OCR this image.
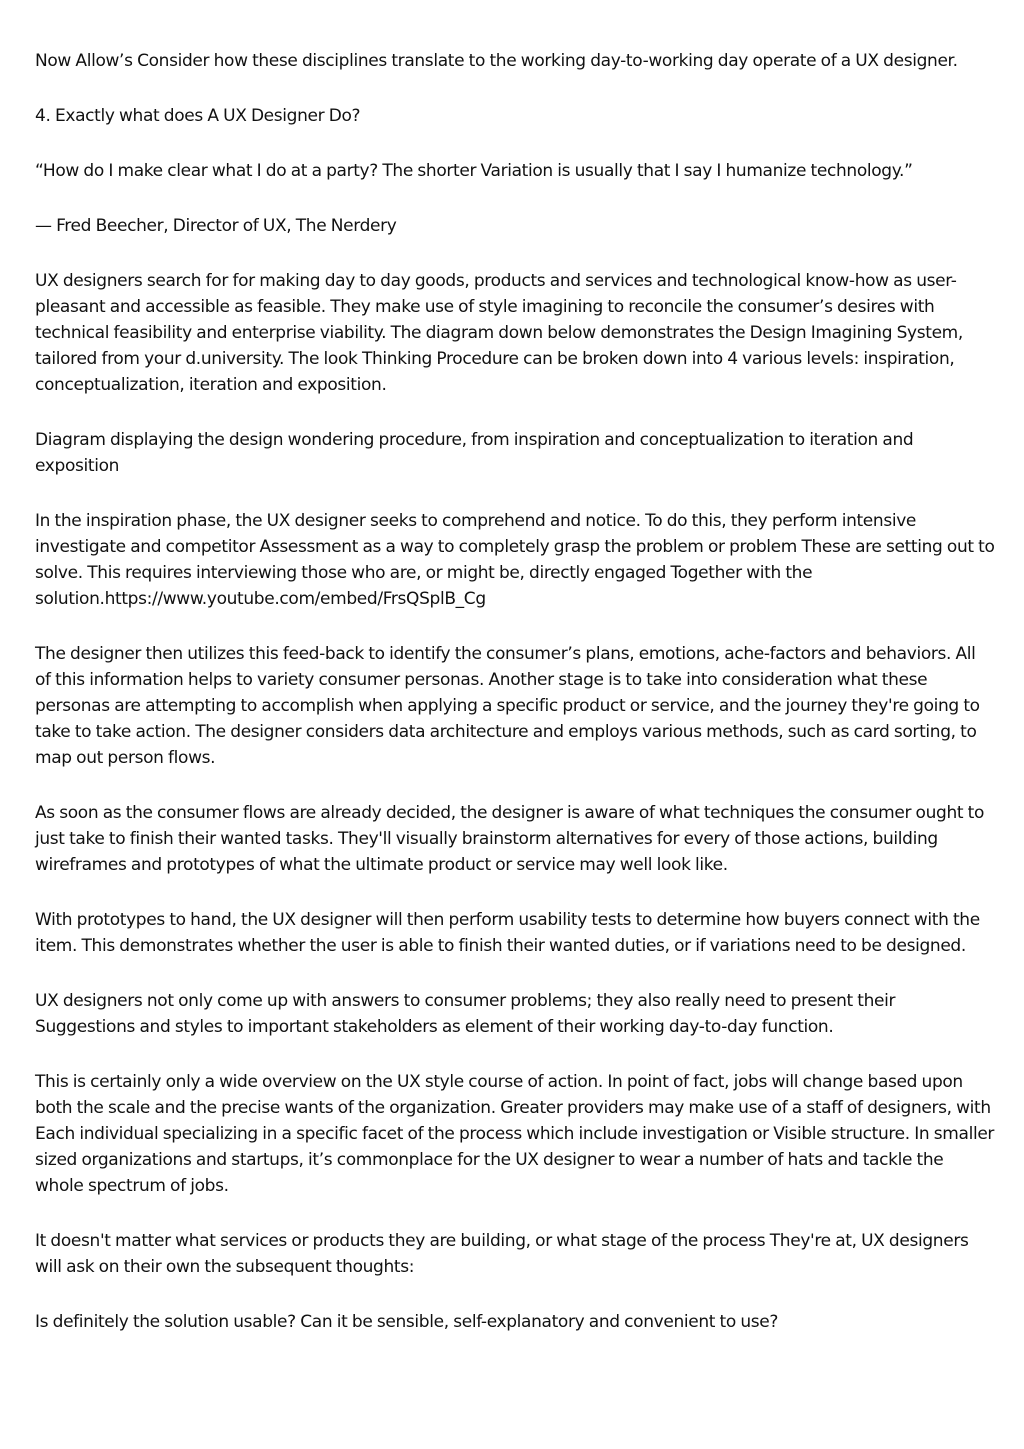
Now Allow’s Consider how these disciplines translate to the working day-to-working day operate of a UX designer.

4. Exactly what does A UX Designer Do?

“How do I make clear what I do at a party? The shorter Variation is usually that I say I humanize technology.”

— Fred Beecher, Director of UX, The Nerdery

UX designers search for for making day to day goods, products and services and technological know-how as user-pleasant and accessible as feasible. They make use of style imagining to reconcile the consumer’s desires with technical feasibility and enterprise viability. The diagram down below demonstrates the Design Imagining System, tailored from your d.university. The look Thinking Procedure can be broken down into 4 various levels: inspiration, conceptualization, iteration and exposition.

Diagram displaying the design wondering procedure, from inspiration and conceptualization to iteration and exposition

In the inspiration phase, the UX designer seeks to comprehend and notice. To do this, they perform intensive investigate and competitor Assessment as a way to completely grasp the problem or problem These are setting out to solve. This requires interviewing those who are, or might be, directly engaged Together with the solution.https://www.youtube.com/embed/FrsQSplB_Cg

The designer then utilizes this feed-back to identify the consumer’s plans, emotions, ache-factors and behaviors. All of this information helps to variety consumer personas. Another stage is to take into consideration what these personas are attempting to accomplish when applying a specific product or service, and the journey they're going to take to take action. The designer considers data architecture and employs various methods, such as card sorting, to map out person flows.

As soon as the consumer flows are already decided, the designer is aware of what techniques the consumer ought to just take to finish their wanted tasks. They'll visually brainstorm alternatives for every of those actions, building wireframes and prototypes of what the ultimate product or service may well look like.

With prototypes to hand, the UX designer will then perform usability tests to determine how buyers connect with the item. This demonstrates whether the user is able to finish their wanted duties, or if variations need to be designed.

UX designers not only come up with answers to consumer problems; they also really need to present their Suggestions and styles to important stakeholders as element of their working day-to-day function.

This is certainly only a wide overview on the UX style course of action. In point of fact, jobs will change based upon both the scale and the precise wants of the organization. Greater providers may make use of a staff of designers, with Each individual specializing in a specific facet of the process which include investigation or Visible structure. In smaller sized organizations and startups, it’s commonplace for the UX designer to wear a number of hats and tackle the whole spectrum of jobs.

It doesn't matter what services or products they are building, or what stage of the process They're at, UX designers will ask on their own the subsequent thoughts:

Is definitely the solution usable? Can it be sensible, self-explanatory and convenient to use?
